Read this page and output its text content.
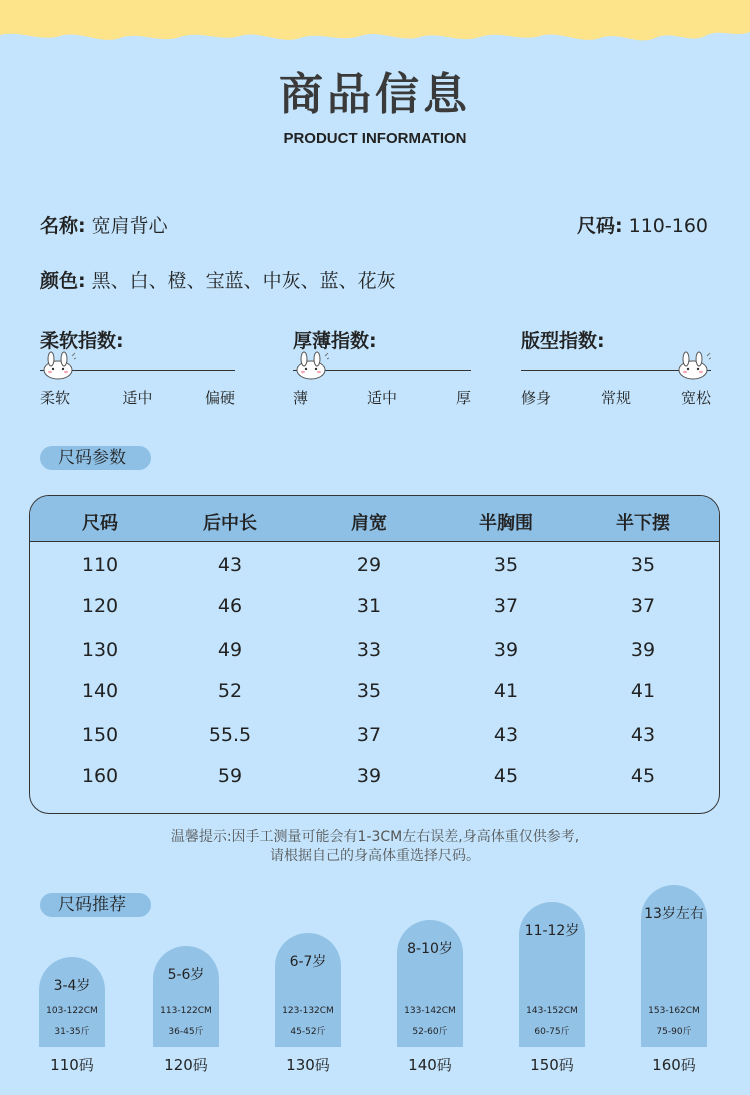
商品信息
PRODUCT INFORMATION
名称: 宽肩背心	尺码: 110-160
颜色: 黑、白、橙、宝蓝、中灰、蓝、花灰
柔软指数:
柔软	适中	偏硬
厚薄指数:
薄	适中	厚
版型指数:
修身	常规	宽松
尺码参数
尺码	后中长	肩宽	半胸围	半下摆
110	43	29	35	35
120	46	31	37	37
130	49	33	39	39
140	52	35	41	41
150	55.5	37	43	43
160	59	39	45	45
温馨提示:因手工测量可能会有1-3CM左右误差,身高体重仅供参考,
请根据自己的身高体重选择尺码。
尺码推荐
3-4岁
103-122CM
31-35斤
110码
5-6岁
113-122CM
36-45斤
120码
6-7岁
123-132CM
45-52斤
130码
8-10岁
133-142CM
52-60斤
140码
11-12岁
143-152CM
60-75斤
150码
13岁左右
153-162CM
75-90斤
160码
